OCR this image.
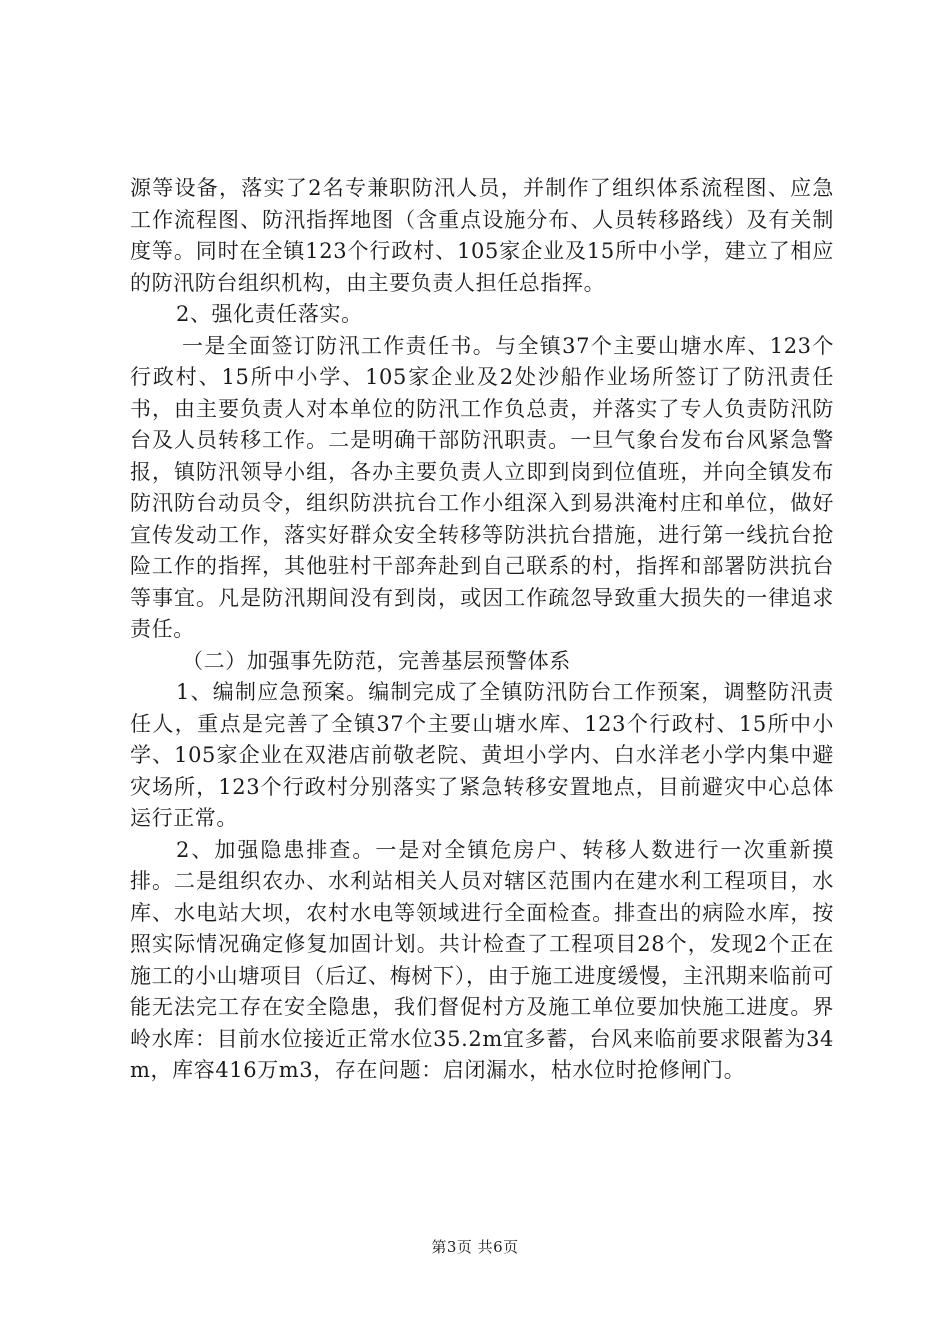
源等设备，落实了2名专兼职防汛人员，并制作了组织体系流程图、应急工作流程图、防汛指挥地图（含重点设施分布、人员转移路线）及有关制度等。同时在全镇123个行政村、105家企业及15所中小学，建立了相应的防汛防台组织机构，由主要负责人担任总指挥。

2、强化责任落实。

一是全面签订防汛工作责任书。与全镇37个主要山塘水库、123个行政村、15所中小学、105家企业及2处沙船作业场所签订了防汛责任书，由主要负责人对本单位的防汛工作负总责，并落实了专人负责防汛防台及人员转移工作。二是明确干部防汛职责。一旦气象台发布台风紧急警报，镇防汛领导小组，各办主要负责人立即到岗到位值班，并向全镇发布防汛防台动员令，组织防洪抗台工作小组深入到易洪淹村庄和单位，做好宣传发动工作，落实好群众安全转移等防洪抗台措施，进行第一线抗台抢险工作的指挥，其他驻村干部奔赴到自己联系的村，指挥和部署防洪抗台等事宜。凡是防汛期间没有到岗，或因工作疏忽导致重大损失的一律追求责任。

（二）加强事先防范，完善基层预警体系

1、编制应急预案。编制完成了全镇防汛防台工作预案，调整防汛责任人，重点是完善了全镇37个主要山塘水库、123个行政村、15所中小学、105家企业在双港店前敬老院、黄坦小学内、白水洋老小学内集中避灾场所，123个行政村分别落实了紧急转移安置地点，目前避灾中心总体运行正常。

2、加强隐患排查。一是对全镇危房户、转移人数进行一次重新摸排。二是组织农办、水利站相关人员对辖区范围内在建水利工程项目，水库、水电站大坝，农村水电等领域进行全面检查。排查出的病险水库，按照实际情况确定修复加固计划。共计检查了工程项目28个，发现2个正在施工的小山塘项目（后辽、梅树下），由于施工进度缓慢，主汛期来临前可能无法完工存在安全隐患，我们督促村方及施工单位要加快施工进度。界岭水库：目前水位接近正常水位35.2m宜多蓄，台风来临前要求限蓄为34m，库容416万m3，存在问题：启闭漏水，枯水位时抢修闸门。

第3页 共6页
